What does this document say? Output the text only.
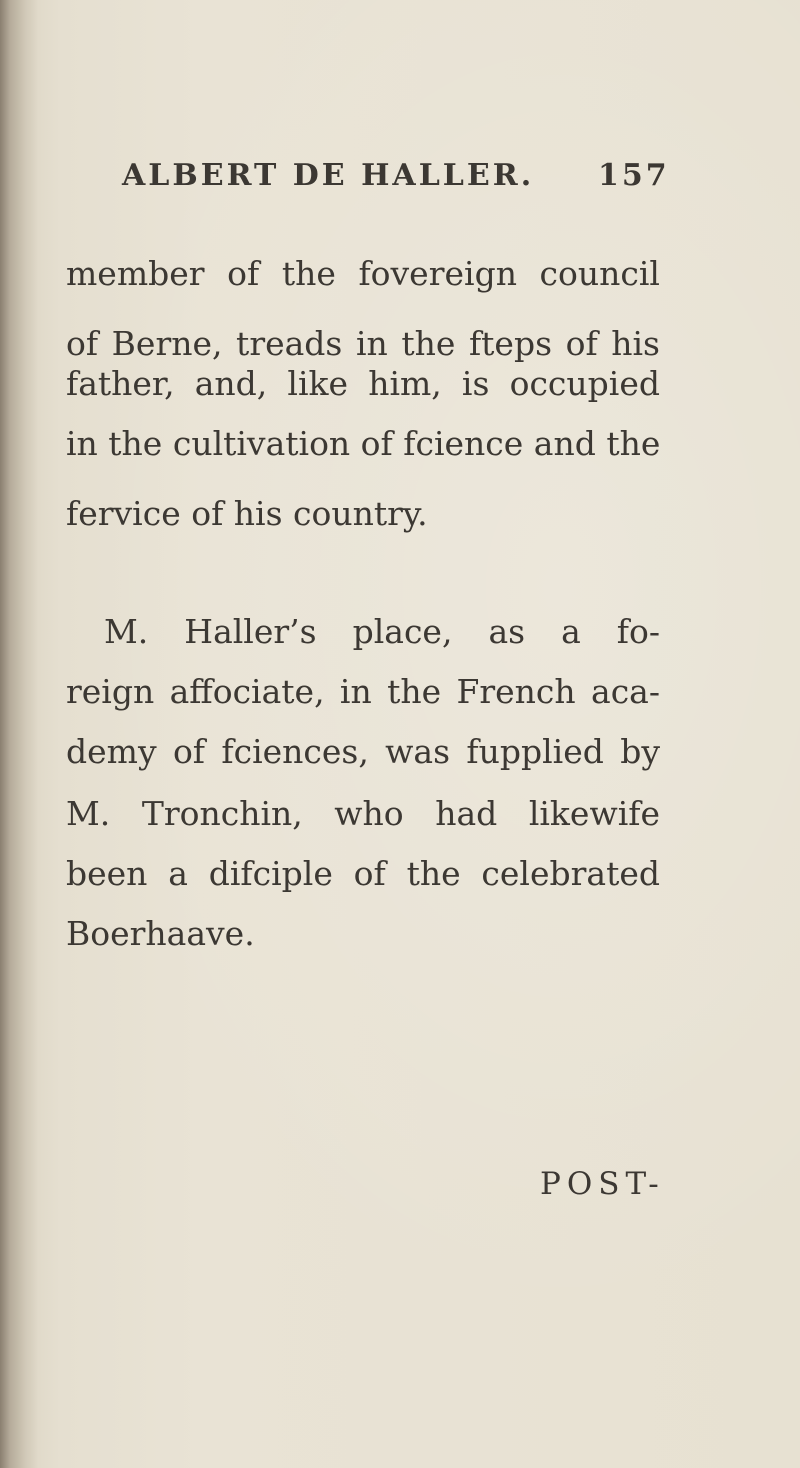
ALBERT DE HALLER. 157
member of the fovereign council
of Berne, treads in the fteps of his
father, and, like him, is occupied
in the cultivation of fcience and the
fervice of his country.
M. Haller’s place, as a fo-
reign affociate, in the French aca-
demy of fciences, was fupplied by
M. Tronchin, who had likewife
been a difciple of the celebrated
Boerhaave.
POST-
